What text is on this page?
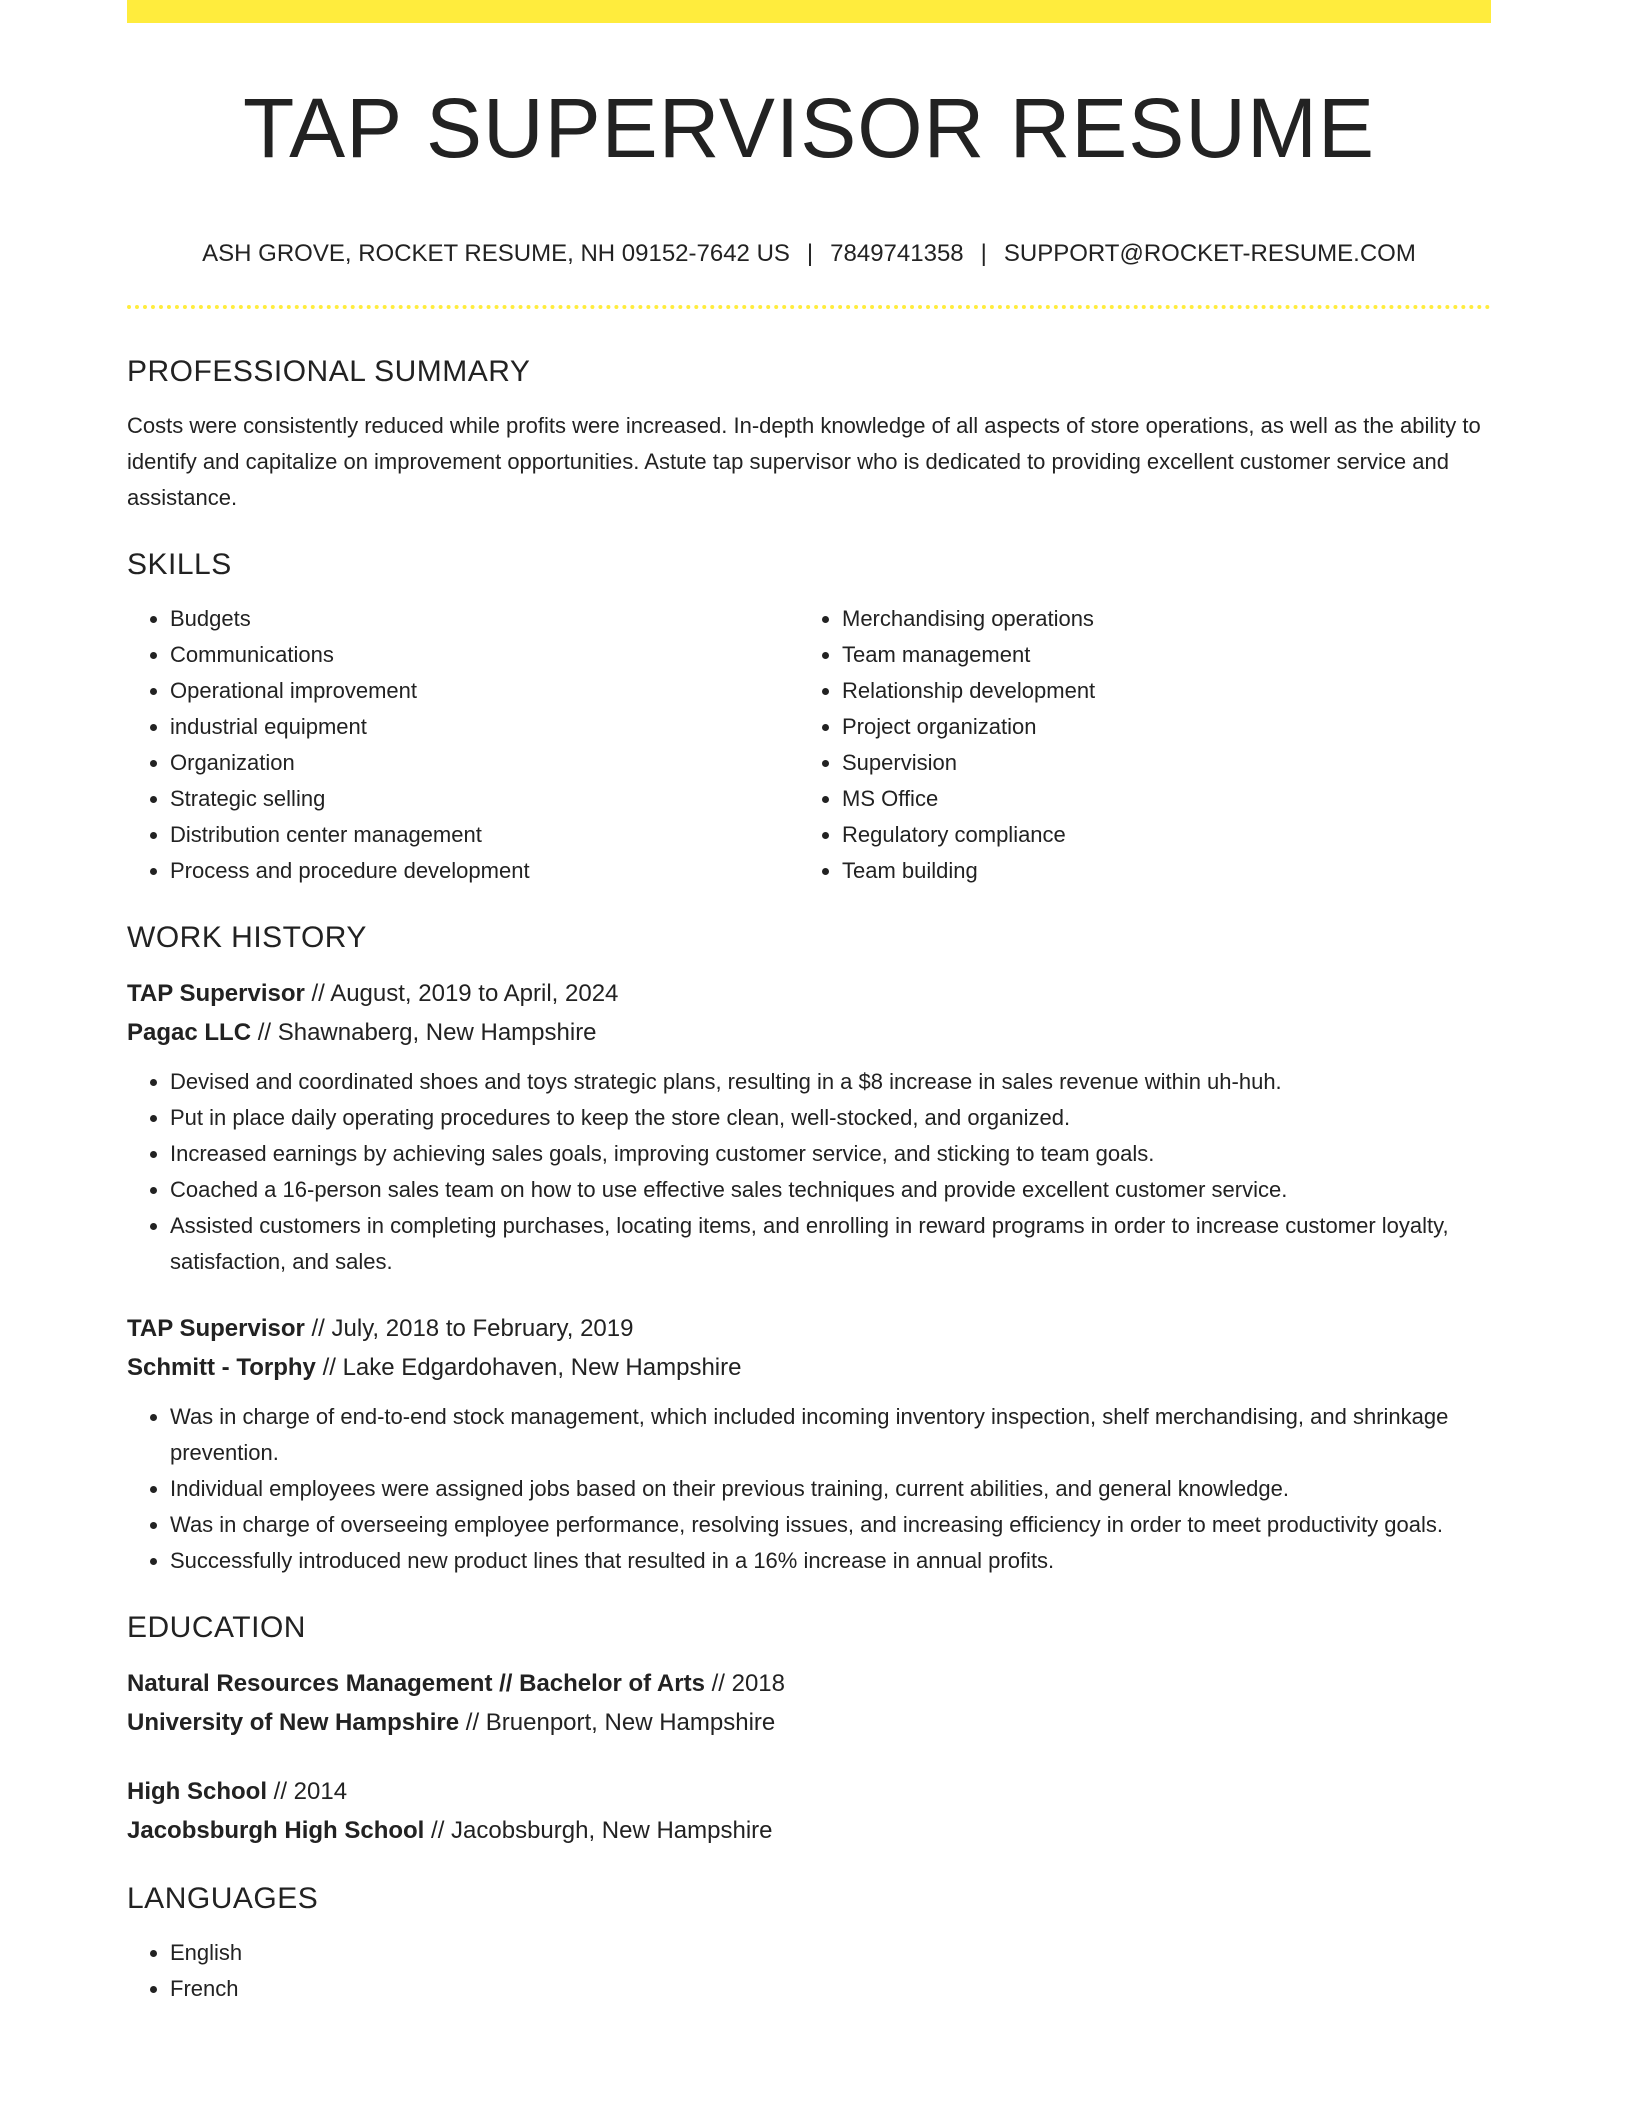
TAP SUPERVISOR RESUME
ASH GROVE, ROCKET RESUME, NH 09152-7642 US | 7849741358 | SUPPORT@ROCKET-RESUME.COM
PROFESSIONAL SUMMARY

Costs were consistently reduced while profits were increased. In-depth knowledge of all aspects of store operations, as well as the ability to identify and capitalize on improvement opportunities. Astute tap supervisor who is dedicated to providing excellent customer service and assistance.

SKILLS
• Budgets
• Communications
• Operational improvement
• industrial equipment
• Organization
• Strategic selling
• Distribution center management
• Process and procedure development
• Merchandising operations
• Team management
• Relationship development
• Project organization
• Supervision
• MS Office
• Regulatory compliance
• Team building
WORK HISTORY
TAP Supervisor // August, 2019 to April, 2024
Pagac LLC // Shawnaberg, New Hampshire
• Devised and coordinated shoes and toys strategic plans, resulting in a $8 increase in sales revenue within uh-huh.
• Put in place daily operating procedures to keep the store clean, well-stocked, and organized.
• Increased earnings by achieving sales goals, improving customer service, and sticking to team goals.
• Coached a 16-person sales team on how to use effective sales techniques and provide excellent customer service.
• Assisted customers in completing purchases, locating items, and enrolling in reward programs in order to increase customer loyalty, satisfaction, and sales.
TAP Supervisor // July, 2018 to February, 2019
Schmitt - Torphy // Lake Edgardohaven, New Hampshire
• Was in charge of end-to-end stock management, which included incoming inventory inspection, shelf merchandising, and shrinkage prevention.
• Individual employees were assigned jobs based on their previous training, current abilities, and general knowledge.
• Was in charge of overseeing employee performance, resolving issues, and increasing efficiency in order to meet productivity goals.
• Successfully introduced new product lines that resulted in a 16% increase in annual profits.
EDUCATION
Natural Resources Management // Bachelor of Arts // 2018
University of New Hampshire // Bruenport, New Hampshire
High School // 2014
Jacobsburgh High School // Jacobsburgh, New Hampshire
LANGUAGES
• English
• French
